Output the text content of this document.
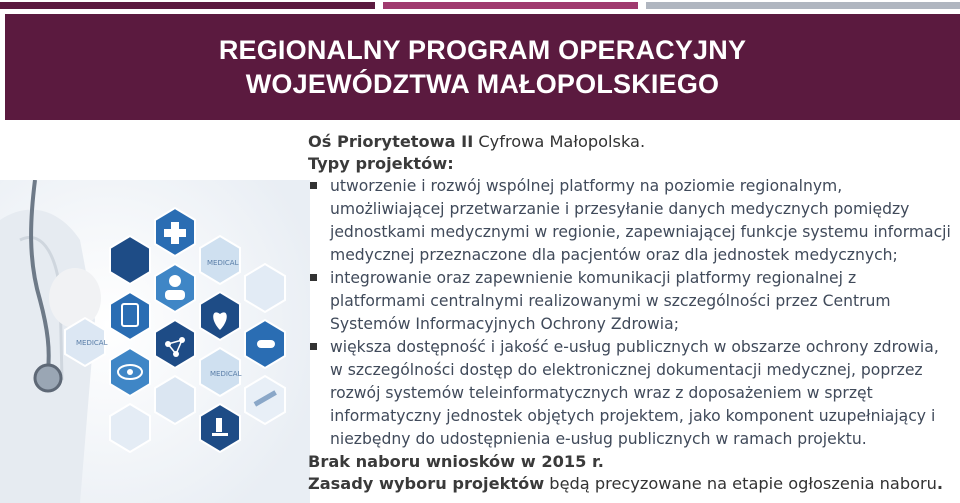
REGIONALNY PROGRAM OPERACYJNY
WOJEWÓDZTWA MAŁOPOLSKIEGO
MEDICAL
MEDICAL
MEDICAL

Oś Priorytetowa II Cyfrowa Małopolska.

Typy projektów:

utworzenie i rozwój wspólnej platformy na poziomie regionalnym, umożliwiającej przetwarzanie i przesyłanie danych medycznych pomiędzy jednostkami medycznymi w regionie, zapewniającej funkcje systemu informacji medycznej przeznaczone dla pacjentów oraz dla jednostek medycznych;
integrowanie oraz zapewnienie komunikacji platformy regionalnej z platformami centralnymi realizowanymi w szczególności przez Centrum Systemów Informacyjnych Ochrony Zdrowia;
większa dostępność i jakość e-usług publicznych w obszarze ochrony zdrowia, w szczególności dostęp do elektronicznej dokumentacji medycznej, poprzez rozwój systemów teleinformatycznych wraz z doposażeniem w sprzęt informatyczny jednostek objętych projektem, jako komponent uzupełniający i niezbędny do udostępnienia e-usług publicznych w ramach projektu.

Brak naboru wniosków w 2015 r.

Zasady wyboru projektów będą precyzowane na etapie ogłoszenia naboru.
